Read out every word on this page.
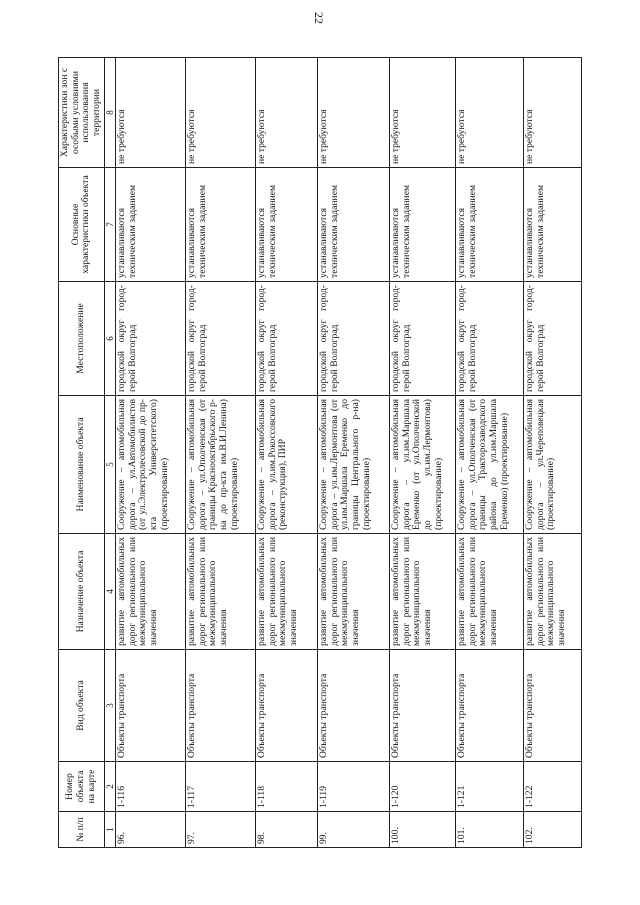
22
№ п/п	Номер объекта на карте	Вид объекта	Назначение объекта	Наименование объекта	Местоположение	Основные характеристики объекта	Характеристики зон с особыми условиями использования территории
1	2	3	4	5	6	7	8
96.	1-116	Объекты транспорта	развитие автомобильных дорог регионального или межмуниципального значения	Сооружение – автомобильная дорога – ул.Автомобилистов (от ул.Электролесовской до пр-кта Университетского) (проектирование)	городской округ город-герой Волгоград	устанавливаются техническим заданием	не требуются
97.	1-117	Объекты транспорта	развитие автомобильных дорог регионального или межмуниципального значения	Сооружение – автомобильная дорога – ул.Ополченская (от границы Краснооктябрьского р-на до пр-кта им.В.И.Ленина) (проектирование)	городской округ город-герой Волгоград	устанавливаются техническим заданием	не требуются
98.	1-118	Объекты транспорта	развитие автомобильных дорог регионального или межмуниципального значения	Сооружение – автомобильная дорога – ул.им.Рокоссовского (реконструкция), ПИР	городской округ город-герой Волгоград	устанавливаются техническим заданием	не требуются
99.	1-119	Объекты транспорта	развитие автомобильных дорог регионального или межмуниципального значения	Сооружение – автомобильная дорога – ул.им.Лермонтова (от ул.им.Маршала Еременко до границы Центрального р-на) (проектирование)	городской округ город-герой Волгоград	устанавливаются техническим заданием	не требуются
100.	1-120	Объекты транспорта	развитие автомобильных дорог регионального или межмуниципального значения	Сооружение – автомобильная дорога – ул.им.Маршала Еременко (от ул.Ополченской до ул.им.Лермонтова) (проектирование)	городской округ город-герой Волгоград	устанавливаются техническим заданием	не требуются
101.	1-121	Объекты транспорта	развитие автомобильных дорог регионального или межмуниципального значения	Сооружение – автомобильная дорога – ул.Ополченская (от границы Тракторозаводского района до ул.им.Маршала Еременко) (проектирование)	городской округ город-герой Волгоград	устанавливаются техническим заданием	не требуются
102.	1-122	Объекты транспорта	развитие автомобильных дорог регионального или межмуниципального значения	Сооружение – автомобильная дорога – ул.Череповецкая (проектирование)	городской округ город-герой Волгоград	устанавливаются техническим заданием	не требуются
